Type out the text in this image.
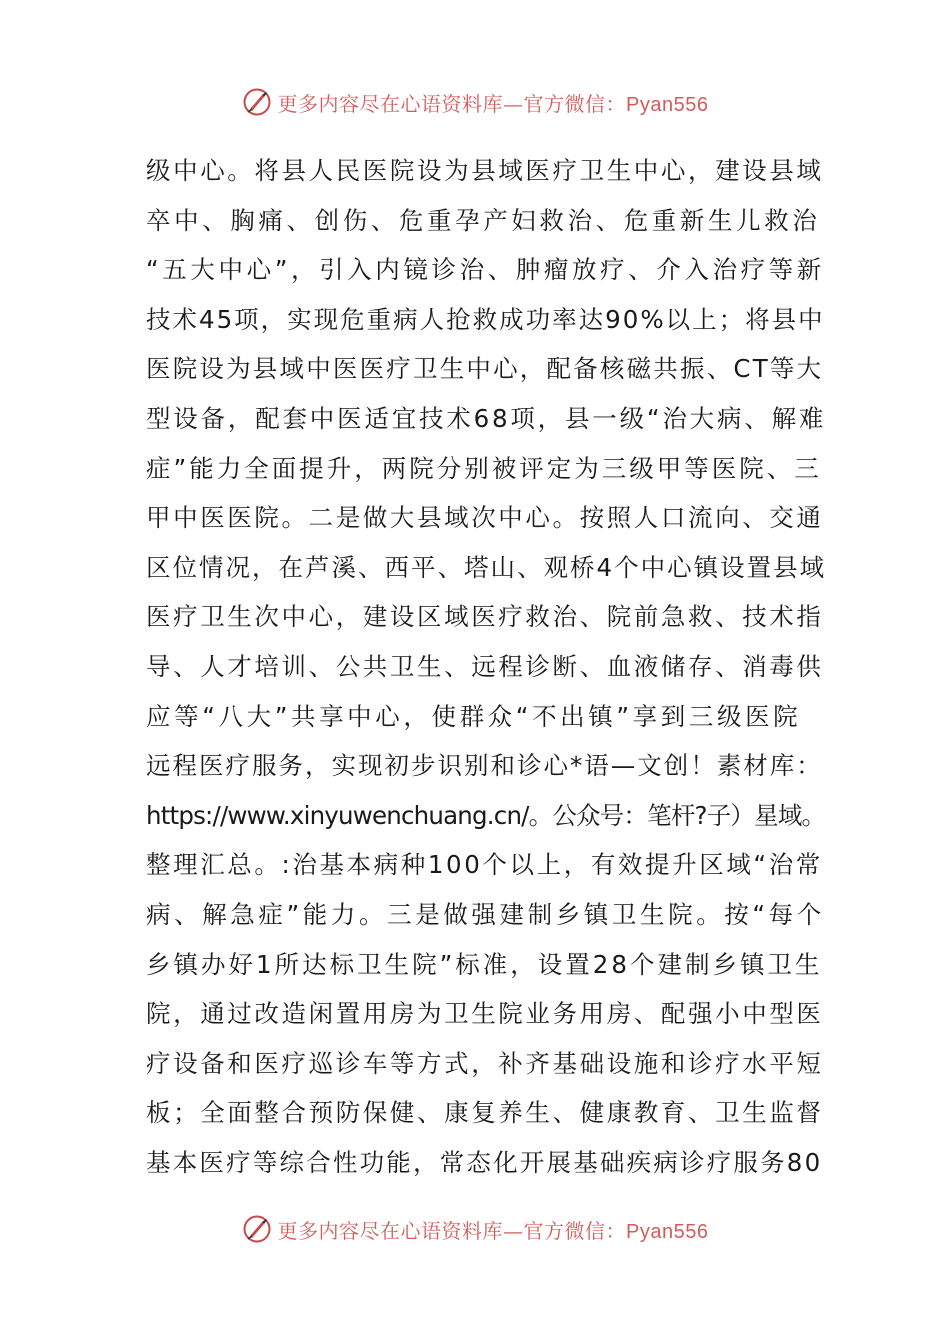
更多内容尽在心语资料库—官方微信：Pyan556
级中心。将县人民医院设为县域医疗卫生中心，建设县域
卒中、胸痛、创伤、危重孕产妇救治、危重新生儿救治
“五大中心”，引入内镜诊治、肿瘤放疗、介入治疗等新
技术45项，实现危重病人抢救成功率达90%以上；将县中
医院设为县域中医医疗卫生中心，配备核磁共振、CT等大
型设备，配套中医适宜技术68项，县一级“治大病、解难
症”能力全面提升，两院分别被评定为三级甲等医院、三
甲中医医院。二是做大县域次中心。按照人口流向、交通
区位情况，在芦溪、西平、塔山、观桥4个中心镇设置县域
医疗卫生次中心，建设区域医疗救治、院前急救、技术指
导、人才培训、公共卫生、远程诊断、血液储存、消毒供
应等“八大”共享中心，使群众“不出镇”享到三级医院
远程医疗服务，实现初步识别和诊心*语—文创！素材库：
https://www.xinyuwenchuang.cn/。公众号：笔杆?子）星域。
整理汇总。:治基本病种100个以上，有效提升区域“治常
病、解急症”能力。三是做强建制乡镇卫生院。按“每个
乡镇办好1所达标卫生院”标准，设置28个建制乡镇卫生
院，通过改造闲置用房为卫生院业务用房、配强小中型医
疗设备和医疗巡诊车等方式，补齐基础设施和诊疗水平短
板；全面整合预防保健、康复养生、健康教育、卫生监督
基本医疗等综合性功能，常态化开展基础疾病诊疗服务80
更多内容尽在心语资料库—官方微信：Pyan556
